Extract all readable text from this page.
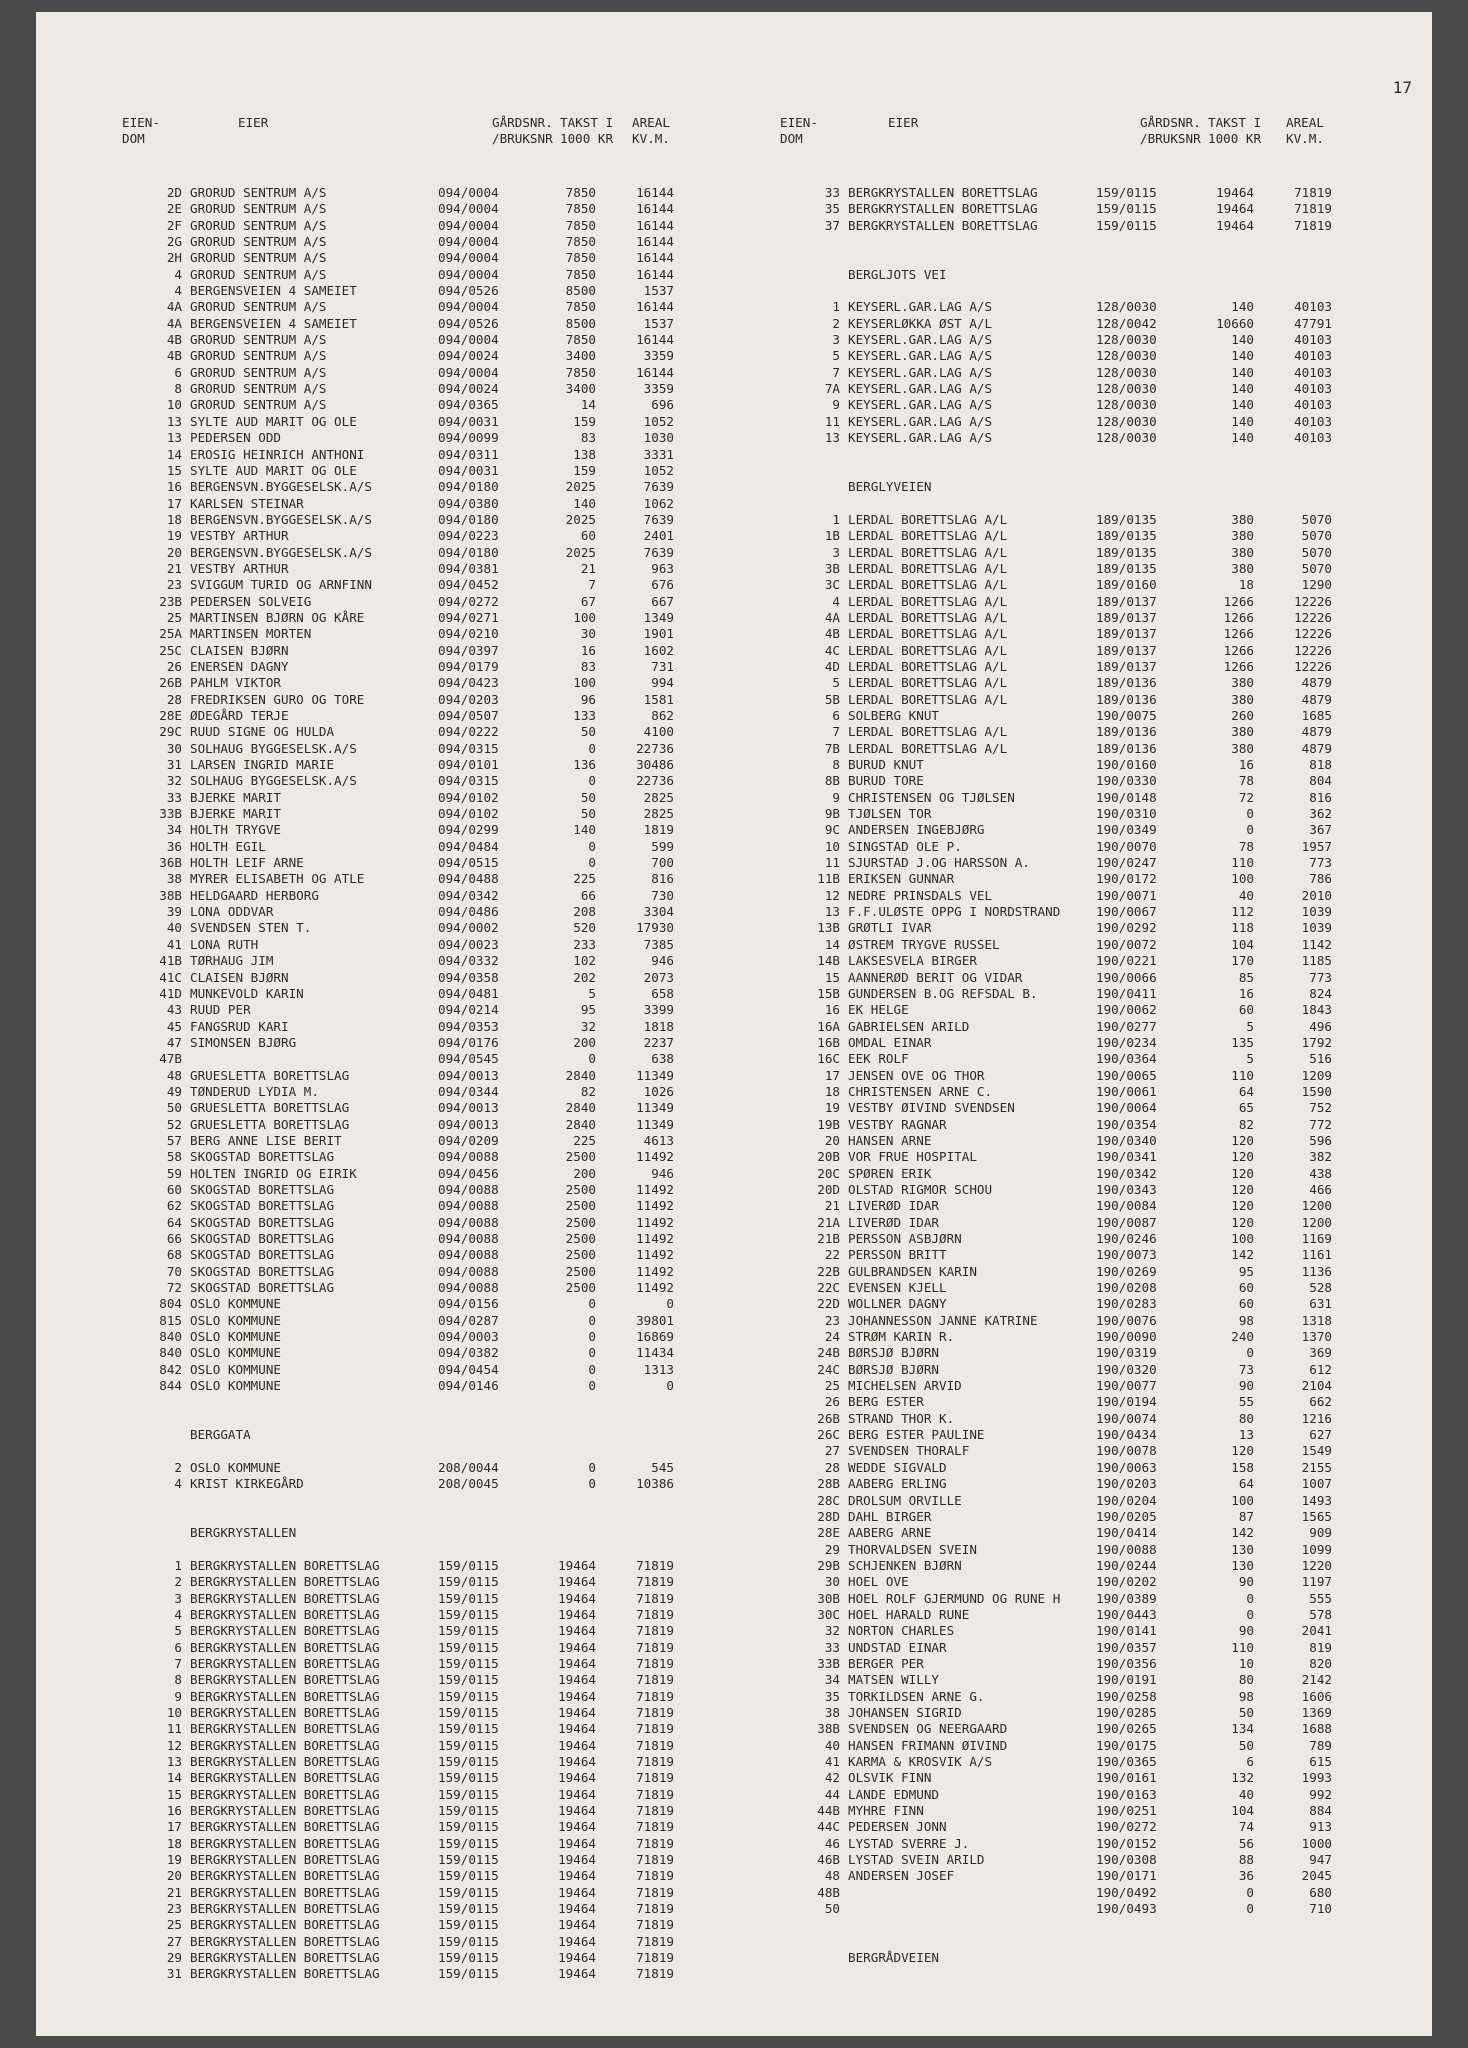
17
EIEN-
DOM
EIER	GÅRDSNR.
/BRUKSNR
TAKST I
1000 KR
AREAL
KV.M.
2D GRORUD SENTRUM A/S	094/0004	7850	16144
2E GRORUD SENTRUM A/S	094/0004	7850	16144
2F GRORUD SENTRUM A/S	094/0004	7850	16144
2G GRORUD SENTRUM A/S	094/0004	7850	16144
2H GRORUD SENTRUM A/S	094/0004	7850	16144
4 GRORUD SENTRUM A/S	094/0004	7850	16144
4 BERGENSVEIEN 4 SAMEIET	094/0526	8500	1537
4A GRORUD SENTRUM A/S	094/0004	7850	16144
4A BERGENSVEIEN 4 SAMEIET	094/0526	8500	1537
4B GRORUD SENTRUM A/S	094/0004	7850	16144
4B GRORUD SENTRUM A/S	094/0024	3400	3359
6 GRORUD SENTRUM A/S	094/0004	7850	16144
8 GRORUD SENTRUM A/S	094/0024	3400	3359
10 GRORUD SENTRUM A/S	094/0365	14	696
13 SYLTE AUD MARIT OG OLE	094/0031	159	1052
13 PEDERSEN ODD	094/0099	83	1030
14 EROSIG HEINRICH ANTHONI	094/0311	138	3331
15 SYLTE AUD MARIT OG OLE	094/0031	159	1052
16 BERGENSVN.BYGGESELSK.A/S	094/0180	2025	7639
17 KARLSEN STEINAR	094/0380	140	1062
18 BERGENSVN.BYGGESELSK.A/S	094/0180	2025	7639
19 VESTBY ARTHUR	094/0223	60	2401
20 BERGENSVN.BYGGESELSK.A/S	094/0180	2025	7639
21 VESTBY ARTHUR	094/0381	21	963
23 SVIGGUM TURID OG ARNFINN	094/0452	7	676
23B PEDERSEN SOLVEIG	094/0272	67	667
25 MARTINSEN BJØRN OG KÅRE	094/0271	100	1349
25A MARTINSEN MORTEN	094/0210	30	1901
25C CLAISEN BJØRN	094/0397	16	1602
26 ENERSEN DAGNY	094/0179	83	731
26B PAHLM VIKTOR	094/0423	100	994
28 FREDRIKSEN GURO OG TORE	094/0203	96	1581
28E ØDEGÅRD TERJE	094/0507	133	862
29C RUUD SIGNE OG HULDA	094/0222	50	4100
30 SOLHAUG BYGGESELSK.A/S	094/0315	0	22736
31 LARSEN INGRID MARIE	094/0101	136	30486
32 SOLHAUG BYGGESELSK.A/S	094/0315	0	22736
33 BJERKE MARIT	094/0102	50	2825
33B BJERKE MARIT	094/0102	50	2825
34 HOLTH TRYGVE	094/0299	140	1819
36 HOLTH EGIL	094/0484	0	599
36B HOLTH LEIF ARNE	094/0515	0	700
38 MYRER ELISABETH OG ATLE	094/0488	225	816
38B HELDGAARD HERBORG	094/0342	66	730
39 LONA ODDVAR	094/0486	208	3304
40 SVENDSEN STEN T.	094/0002	520	17930
41 LONA RUTH	094/0023	233	7385
41B TØRHAUG JIM	094/0332	102	946
41C CLAISEN BJØRN	094/0358	202	2073
41D MUNKEVOLD KARIN	094/0481	5	658
43 RUUD PER	094/0214	95	3399
45 FANGSRUD KARI	094/0353	32	1818
47 SIMONSEN BJØRG	094/0176	200	2237
47B	094/0545	0	638
48 GRUESLETTA BORETTSLAG	094/0013	2840	11349
49 TØNDERUD LYDIA M.	094/0344	82	1026
50 GRUESLETTA BORETTSLAG	094/0013	2840	11349
52 GRUESLETTA BORETTSLAG	094/0013	2840	11349
57 BERG ANNE LISE BERIT	094/0209	225	4613
58 SKOGSTAD BORETTSLAG	094/0088	2500	11492
59 HOLTEN INGRID OG EIRIK	094/0456	200	946
60 SKOGSTAD BORETTSLAG	094/0088	2500	11492
62 SKOGSTAD BORETTSLAG	094/0088	2500	11492
64 SKOGSTAD BORETTSLAG	094/0088	2500	11492
66 SKOGSTAD BORETTSLAG	094/0088	2500	11492
68 SKOGSTAD BORETTSLAG	094/0088	2500	11492
70 SKOGSTAD BORETTSLAG	094/0088	2500	11492
72 SKOGSTAD BORETTSLAG	094/0088	2500	11492
804 OSLO KOMMUNE	094/0156	0	0
815 OSLO KOMMUNE	094/0287	0	39801
840 OSLO KOMMUNE	094/0003	0	16869
840 OSLO KOMMUNE	094/0382	0	11434
842 OSLO KOMMUNE	094/0454	0	1313
844 OSLO KOMMUNE	094/0146	0	0
BERGGATA
2 OSLO KOMMUNE	208/0044	0	545
4 KRIST KIRKEGÅRD	208/0045	0	10386
BERGKRYSTALLEN
1 BERGKRYSTALLEN BORETTSLAG	159/0115	19464	71819
2 BERGKRYSTALLEN BORETTSLAG	159/0115	19464	71819
3 BERGKRYSTALLEN BORETTSLAG	159/0115	19464	71819
4 BERGKRYSTALLEN BORETTSLAG	159/0115	19464	71819
5 BERGKRYSTALLEN BORETTSLAG	159/0115	19464	71819
6 BERGKRYSTALLEN BORETTSLAG	159/0115	19464	71819
7 BERGKRYSTALLEN BORETTSLAG	159/0115	19464	71819
8 BERGKRYSTALLEN BORETTSLAG	159/0115	19464	71819
9 BERGKRYSTALLEN BORETTSLAG	159/0115	19464	71819
10 BERGKRYSTALLEN BORETTSLAG	159/0115	19464	71819
11 BERGKRYSTALLEN BORETTSLAG	159/0115	19464	71819
12 BERGKRYSTALLEN BORETTSLAG	159/0115	19464	71819
13 BERGKRYSTALLEN BORETTSLAG	159/0115	19464	71819
14 BERGKRYSTALLEN BORETTSLAG	159/0115	19464	71819
15 BERGKRYSTALLEN BORETTSLAG	159/0115	19464	71819
16 BERGKRYSTALLEN BORETTSLAG	159/0115	19464	71819
17 BERGKRYSTALLEN BORETTSLAG	159/0115	19464	71819
18 BERGKRYSTALLEN BORETTSLAG	159/0115	19464	71819
19 BERGKRYSTALLEN BORETTSLAG	159/0115	19464	71819
20 BERGKRYSTALLEN BORETTSLAG	159/0115	19464	71819
21 BERGKRYSTALLEN BORETTSLAG	159/0115	19464	71819
23 BERGKRYSTALLEN BORETTSLAG	159/0115	19464	71819
25 BERGKRYSTALLEN BORETTSLAG	159/0115	19464	71819
27 BERGKRYSTALLEN BORETTSLAG	159/0115	19464	71819
29 BERGKRYSTALLEN BORETTSLAG	159/0115	19464	71819
31 BERGKRYSTALLEN BORETTSLAG	159/0115	19464	71819
EIEN-
DOM
EIER	GÅRDSNR.
/BRUKSNR
TAKST I
1000 KR
AREAL
KV.M.
33 BERGKRYSTALLEN BORETTSLAG	159/0115	19464	71819
35 BERGKRYSTALLEN BORETTSLAG	159/0115	19464	71819
37 BERGKRYSTALLEN BORETTSLAG	159/0115	19464	71819
BERGLJOTS VEI
1 KEYSERL.GAR.LAG A/S	128/0030	140	40103
2 KEYSERLØKKA ØST A/L	128/0042	10660	47791
3 KEYSERL.GAR.LAG A/S	128/0030	140	40103
5 KEYSERL.GAR.LAG A/S	128/0030	140	40103
7 KEYSERL.GAR.LAG A/S	128/0030	140	40103
7A KEYSERL.GAR.LAG A/S	128/0030	140	40103
9 KEYSERL.GAR.LAG A/S	128/0030	140	40103
11 KEYSERL.GAR.LAG A/S	128/0030	140	40103
13 KEYSERL.GAR.LAG A/S	128/0030	140	40103
BERGLYVEIEN
1 LERDAL BORETTSLAG A/L	189/0135	380	5070
1B LERDAL BORETTSLAG A/L	189/0135	380	5070
3 LERDAL BORETTSLAG A/L	189/0135	380	5070
3B LERDAL BORETTSLAG A/L	189/0135	380	5070
3C LERDAL BORETTSLAG A/L	189/0160	18	1290
4 LERDAL BORETTSLAG A/L	189/0137	1266	12226
4A LERDAL BORETTSLAG A/L	189/0137	1266	12226
4B LERDAL BORETTSLAG A/L	189/0137	1266	12226
4C LERDAL BORETTSLAG A/L	189/0137	1266	12226
4D LERDAL BORETTSLAG A/L	189/0137	1266	12226
5 LERDAL BORETTSLAG A/L	189/0136	380	4879
5B LERDAL BORETTSLAG A/L	189/0136	380	4879
6 SOLBERG KNUT	190/0075	260	1685
7 LERDAL BORETTSLAG A/L	189/0136	380	4879
7B LERDAL BORETTSLAG A/L	189/0136	380	4879
8 BURUD KNUT	190/0160	16	818
8B BURUD TORE	190/0330	78	804
9 CHRISTENSEN OG TJØLSEN	190/0148	72	816
9B TJØLSEN TOR	190/0310	0	362
9C ANDERSEN INGEBJØRG	190/0349	0	367
10 SINGSTAD OLE P.	190/0070	78	1957
11 SJURSTAD J.OG HARSSON A.	190/0247	110	773
11B ERIKSEN GUNNAR	190/0172	100	786
12 NEDRE PRINSDALS VEL	190/0071	40	2010
13 F.F.ULØSTE OPPG I NORDSTRAND	190/0067	112	1039
13B GRØTLI IVAR	190/0292	118	1039
14 ØSTREM TRYGVE RUSSEL	190/0072	104	1142
14B LAKSESVELA BIRGER	190/0221	170	1185
15 AANNERØD BERIT OG VIDAR	190/0066	85	773
15B GUNDERSEN B.OG REFSDAL B.	190/0411	16	824
16 EK HELGE	190/0062	60	1843
16A GABRIELSEN ARILD	190/0277	5	496
16B OMDAL EINAR	190/0234	135	1792
16C EEK ROLF	190/0364	5	516
17 JENSEN OVE OG THOR	190/0065	110	1209
18 CHRISTENSEN ARNE C.	190/0061	64	1590
19 VESTBY ØIVIND SVENDSEN	190/0064	65	752
19B VESTBY RAGNAR	190/0354	82	772
20 HANSEN ARNE	190/0340	120	596
20B VOR FRUE HOSPITAL	190/0341	120	382
20C SPØREN ERIK	190/0342	120	438
20D OLSTAD RIGMOR SCHOU	190/0343	120	466
21 LIVERØD IDAR	190/0084	120	1200
21A LIVERØD IDAR	190/0087	120	1200
21B PERSSON ASBJØRN	190/0246	100	1169
22 PERSSON BRITT	190/0073	142	1161
22B GULBRANDSEN KARIN	190/0269	95	1136
22C EVENSEN KJELL	190/0208	60	528
22D WOLLNER DAGNY	190/0283	60	631
23 JOHANNESSON JANNE KATRINE	190/0076	98	1318
24 STRØM KARIN R.	190/0090	240	1370
24B BØRSJØ BJØRN	190/0319	0	369
24C BØRSJØ BJØRN	190/0320	73	612
25 MICHELSEN ARVID	190/0077	90	2104
26 BERG ESTER	190/0194	55	662
26B STRAND THOR K.	190/0074	80	1216
26C BERG ESTER PAULINE	190/0434	13	627
27 SVENDSEN THORALF	190/0078	120	1549
28 WEDDE SIGVALD	190/0063	158	2155
28B AABERG ERLING	190/0203	64	1007
28C DROLSUM ORVILLE	190/0204	100	1493
28D DAHL BIRGER	190/0205	87	1565
28E AABERG ARNE	190/0414	142	909
29 THORVALDSEN SVEIN	190/0088	130	1099
29B SCHJENKEN BJØRN	190/0244	130	1220
30 HOEL OVE	190/0202	90	1197
30B HOEL ROLF GJERMUND OG RUNE H	190/0389	0	555
30C HOEL HARALD RUNE	190/0443	0	578
32 NORTON CHARLES	190/0141	90	2041
33 UNDSTAD EINAR	190/0357	110	819
33B BERGER PER	190/0356	10	820
34 MATSEN WILLY	190/0191	80	2142
35 TORKILDSEN ARNE G.	190/0258	98	1606
38 JOHANSEN SIGRID	190/0285	50	1369
38B SVENDSEN OG NEERGAARD	190/0265	134	1688
40 HANSEN FRIMANN ØIVIND	190/0175	50	789
41 KARMA & KROSVIK A/S	190/0365	6	615
42 OLSVIK FINN	190/0161	132	1993
44 LANDE EDMUND	190/0163	40	992
44B MYHRE FINN	190/0251	104	884
44C PEDERSEN JONN	190/0272	74	913
46 LYSTAD SVERRE J.	190/0152	56	1000
46B LYSTAD SVEIN ARILD	190/0308	88	947
48 ANDERSEN JOSEF	190/0171	36	2045
48B	190/0492	0	680
50	190/0493	0	710
BERGRÅDVEIEN
